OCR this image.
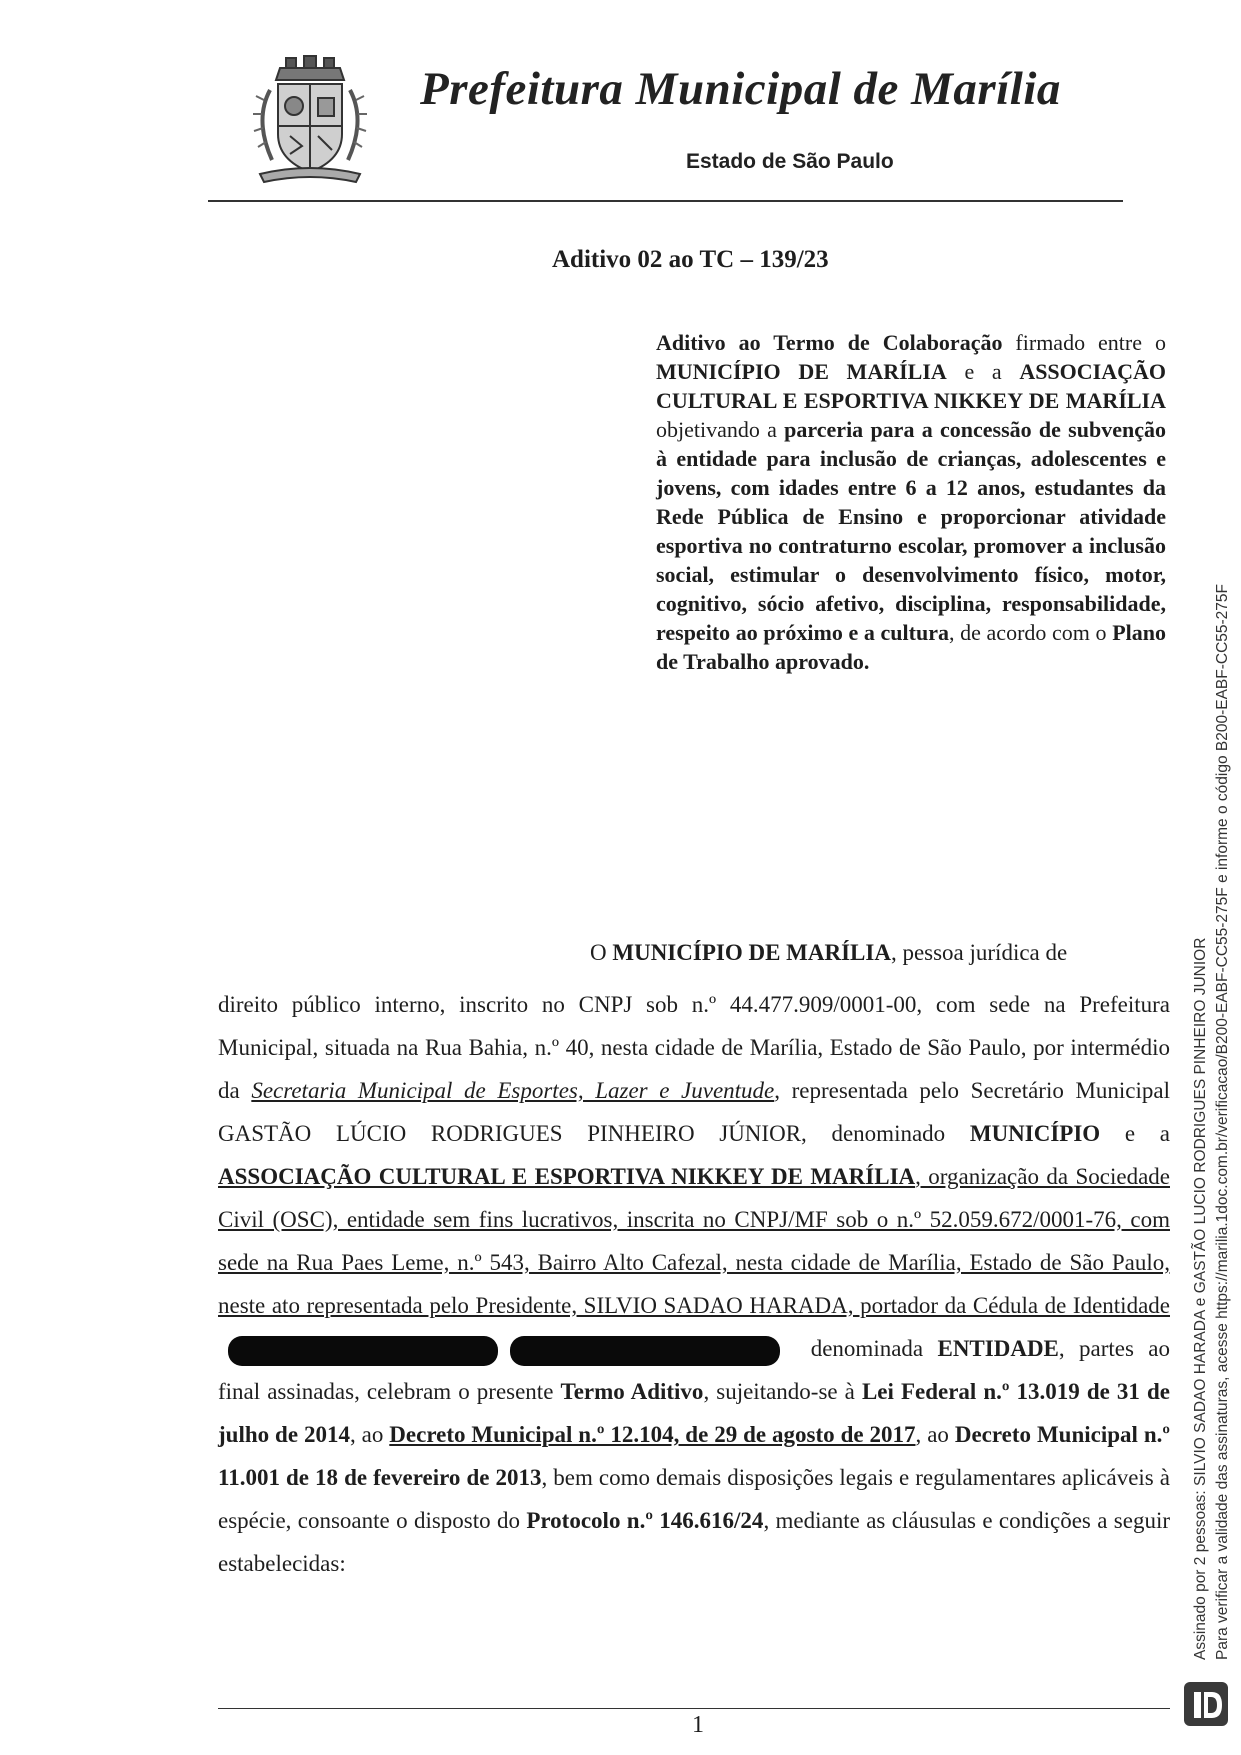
Prefeitura Municipal de Marília
Estado de São Paulo
Aditivo 02 ao TC – 139/23
Aditivo ao Termo de Colaboração firmado entre o MUNICÍPIO DE MARÍLIA e a ASSOCIAÇÃO CULTURAL E ESPORTIVA NIKKEY DE MARÍLIA objetivando a parceria para a concessão de subvenção à entidade para inclusão de crianças, adolescentes e jovens, com idades entre 6 a 12 anos, estudantes da Rede Pública de Ensino e proporcionar atividade esportiva no contraturno escolar, promover a inclusão social, estimular o desenvolvimento físico, motor, cognitivo, sócio afetivo, disciplina, responsabilidade, respeito ao próximo e a cultura, de acordo com o Plano de Trabalho aprovado.
O MUNICÍPIO DE MARÍLIA, pessoa jurídica de
direito público interno, inscrito no CNPJ sob n.º 44.477.909/0001-00, com sede na Prefeitura Municipal, situada na Rua Bahia, n.º 40, nesta cidade de Marília, Estado de São Paulo, por intermédio da Secretaria Municipal de Esportes, Lazer e Juventude, representada pelo Secretário Municipal GASTÃO LÚCIO RODRIGUES PINHEIRO JÚNIOR, denominado MUNICÍPIO e a ASSOCIAÇÃO CULTURAL E ESPORTIVA NIKKEY DE MARÍLIA, organização da Sociedade Civil (OSC), entidade sem fins lucrativos, inscrita no CNPJ/MF sob o n.º 52.059.672/0001-76, com sede na Rua Paes Leme, n.º 543, Bairro Alto Cafezal, nesta cidade de Marília, Estado de São Paulo, neste ato representada pelo Presidente, SILVIO SADAO HARADA, portador da Cédula de Identidade  denominada ENTIDADE, partes ao final assinadas, celebram o presente Termo Aditivo, sujeitando-se à Lei Federal n.º 13.019 de 31 de julho de 2014, ao Decreto Municipal n.º 12.104, de 29 de agosto de 2017, ao Decreto Municipal n.º 11.001 de 18 de fevereiro de 2013, bem como demais disposições legais e regulamentares aplicáveis à espécie, consoante o disposto do Protocolo n.º 146.616/24, mediante as cláusulas e condições a seguir estabelecidas:
1
Assinado por 2 pessoas: SILVIO SADAO HARADA e GASTÃO LUCIO RODRIGUES PINHEIRO JUNIOR Para verificar a validade das assinaturas, acesse https://marilia.1doc.com.br/verificacao/B200-EABF-CC55-275F e informe o código B200-EABF-CC55-275F
